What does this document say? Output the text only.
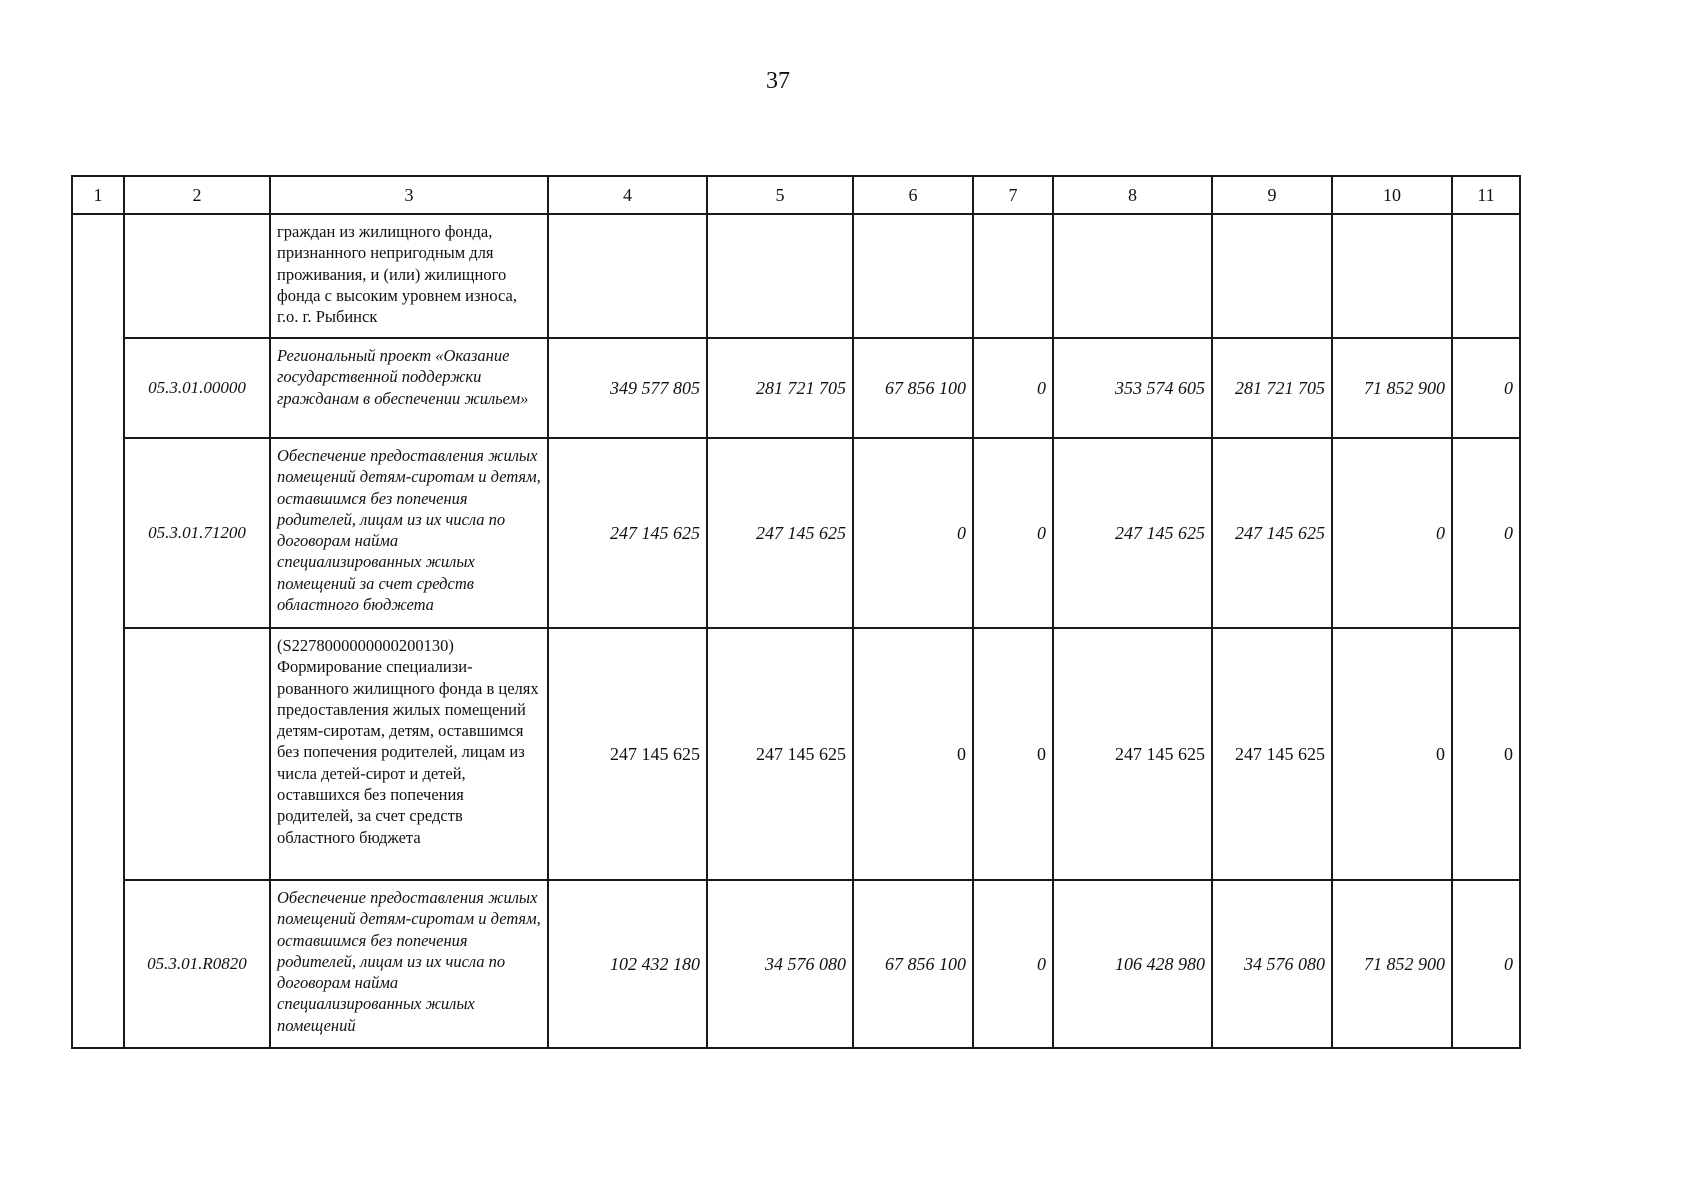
37
1	2	3	4	5	6	7	8	9	10	11
		граждан из жилищного фонда, признанного непригодным для проживания, и (или) жилищного фонда с высоким уровнем износа, г.о. г. Рыбинск								
	05.3.01.00000	Региональный проект «Оказание государственной поддержки гражданам в обеспечении жильем»	349 577 805	281 721 705	67 856 100	0	353 574 605	281 721 705	71 852 900	0
	05.3.01.71200	Обеспечение предоставления жилых помещений детям-сиротам и детям, оставшимся без попечения родителей, лицам из их числа по договорам найма специализированных жилых помещений за счет средств областного бюджета	247 145 625	247 145 625	0	0	247 145 625	247 145 625	0	0
		(S2278000000000200130) Формирование специализи-рованного жилищного фонда в целях предоставления жилых помещений детям-сиротам, детям, оставшимся без попечения родителей, лицам из числа детей-сирот и детей, оставшихся без попечения родителей, за счет средств областного бюджета	247 145 625	247 145 625	0	0	247 145 625	247 145 625	0	0
	05.3.01.R0820	Обеспечение предоставления жилых помещений детям-сиротам и детям, оставшимся без попечения родителей, лицам из их числа по договорам найма специализированных жилых помещений	102 432 180	34 576 080	67 856 100	0	106 428 980	34 576 080	71 852 900	0
